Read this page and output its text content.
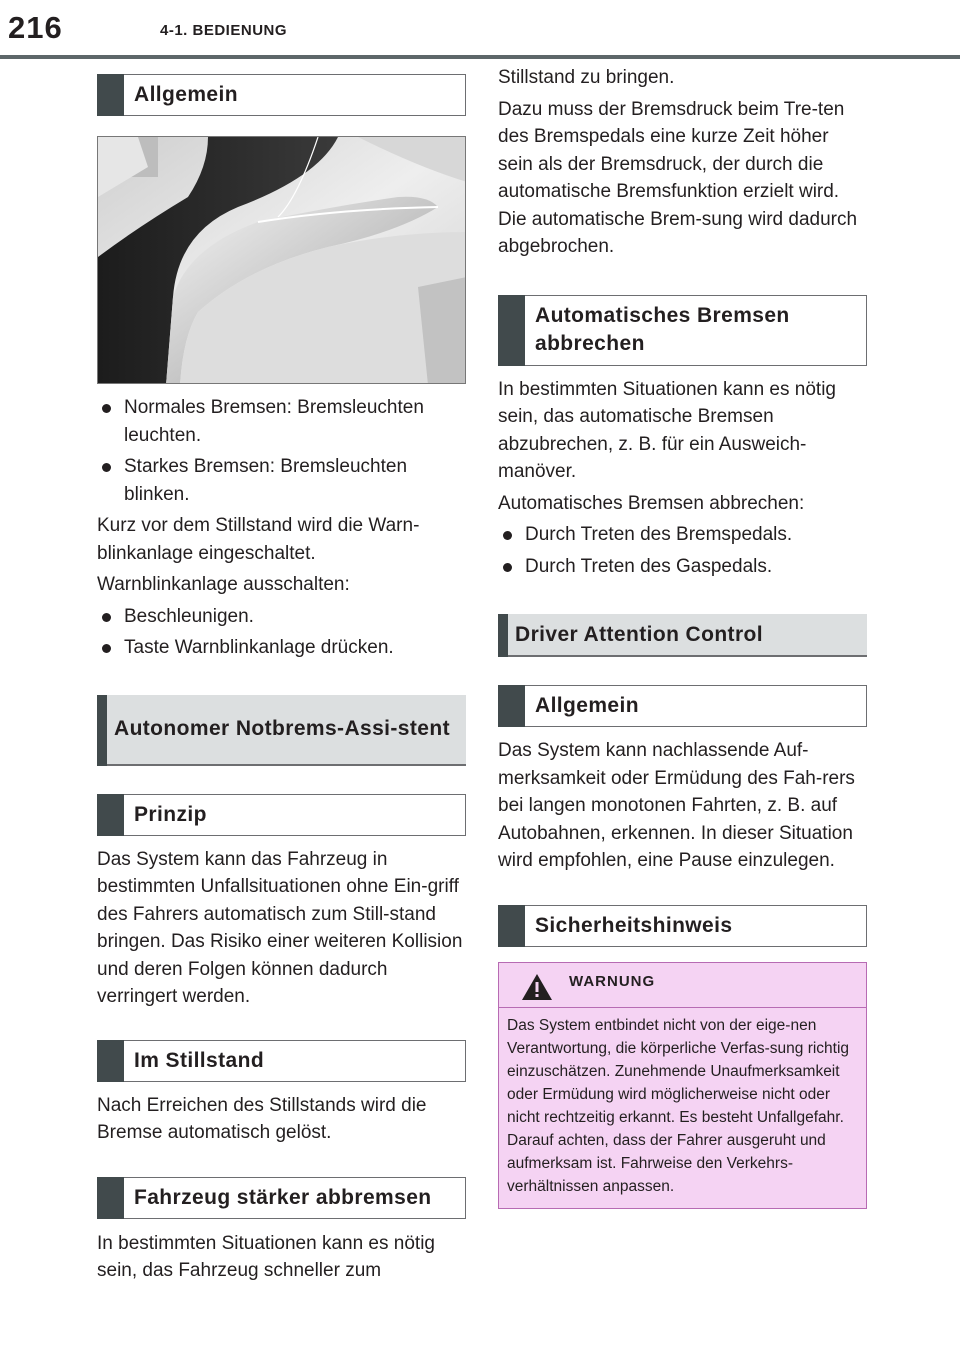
216	4-1. BEDIENUNG
Allgemein
Normales Bremsen: Bremsleuchten leuchten.
Starkes Bremsen: Bremsleuchten blinken.

Kurz vor dem Stillstand wird die Warn-blinkanlage eingeschaltet.

Warnblinkanlage ausschalten:

Beschleunigen.
Taste Warnblinkanlage drücken.
Autonomer Notbrems-Assi-stent
Prinzip

Das System kann das Fahrzeug in bestimmten Unfallsituationen ohne Ein-griff des Fahrers automatisch zum Still-stand bringen. Das Risiko einer weiteren Kollision und deren Folgen können dadurch verringert werden.

Im Stillstand

Nach Erreichen des Stillstands wird die Bremse automatisch gelöst.

Fahrzeug stärker abbremsen

In bestimmten Situationen kann es nötig sein, das Fahrzeug schneller zum

Stillstand zu bringen.

Dazu muss der Bremsdruck beim Tre-ten des Bremspedals eine kurze Zeit höher sein als der Bremsdruck, der durch die automatische Bremsfunktion erzielt wird. Die automatische Brem-sung wird dadurch abgebrochen.

Automatisches Bremsen abbrechen

In bestimmten Situationen kann es nötig sein, das automatische Bremsen abzubrechen, z. B. für ein Ausweich-manöver.

Automatisches Bremsen abbrechen:

Durch Treten des Bremspedals.
Durch Treten des Gaspedals.
Driver Attention Control
Allgemein

Das System kann nachlassende Auf-merksamkeit oder Ermüdung des Fah-rers bei langen monotonen Fahrten, z. B. auf Autobahnen, erkennen. In dieser Situation wird empfohlen, eine Pause einzulegen.

Sicherheitshinweis
WARNUNG
Das System entbindet nicht von der eige-nen Verantwortung, die körperliche Verfas-sung richtig einzuschätzen. Zunehmende Unaufmerksamkeit oder Ermüdung wird möglicherweise nicht oder nicht rechtzeitig erkannt. Es besteht Unfallgefahr. Darauf achten, dass der Fahrer ausgeruht und aufmerksam ist. Fahrweise den Verkehrs-verhältnissen anpassen.
